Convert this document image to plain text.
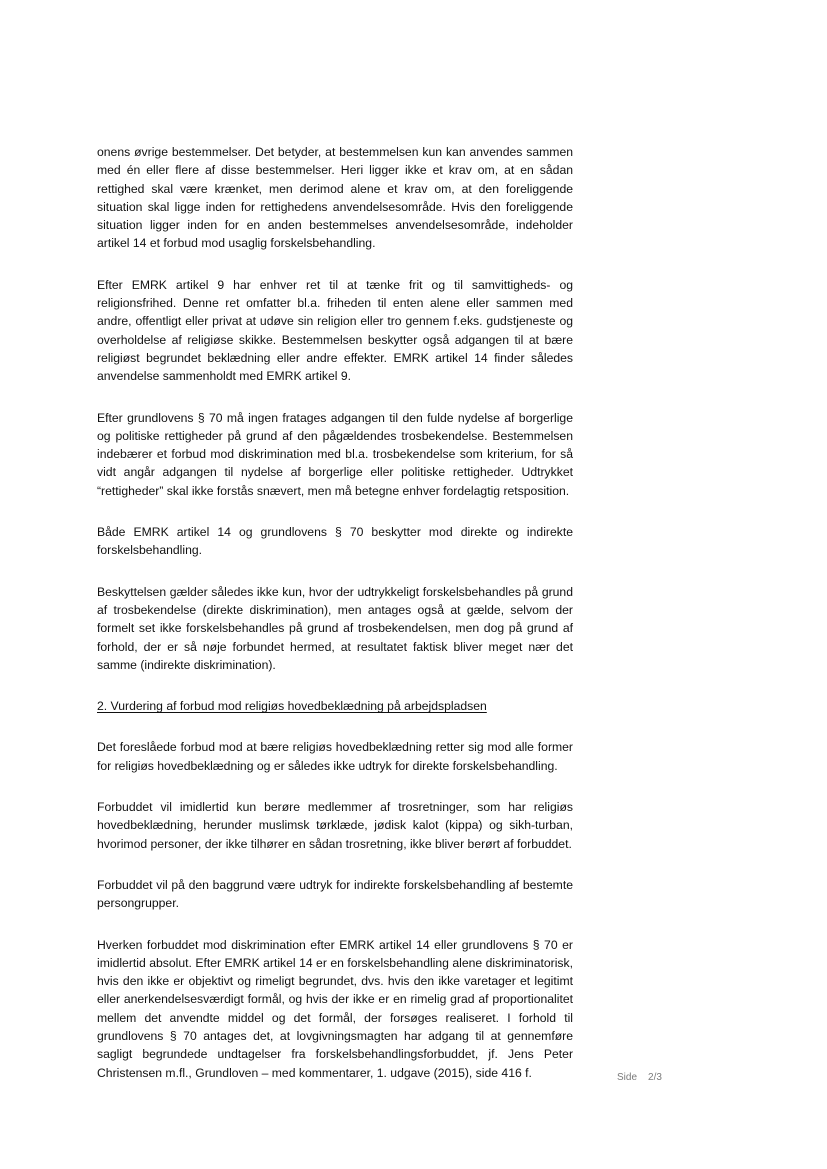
onens øvrige bestemmelser. Det betyder, at bestemmelsen kun kan anvendes sammen med én eller flere af disse bestemmelser. Heri ligger ikke et krav om, at en sådan rettighed skal være krænket, men derimod alene et krav om, at den foreliggende situation skal ligge inden for rettighedens anvendelsesområde. Hvis den foreliggende situation ligger inden for en anden bestemmelses anvendelsesområde, indeholder artikel 14 et forbud mod usaglig forskelsbehandling.

Efter EMRK artikel 9 har enhver ret til at tænke frit og til samvittigheds- og religionsfrihed. Denne ret omfatter bl.a. friheden til enten alene eller sammen med andre, offentligt eller privat at udøve sin religion eller tro gennem f.eks. gudstjeneste og overholdelse af religiøse skikke. Bestemmelsen beskytter også adgangen til at bære religiøst begrundet beklædning eller andre effekter. EMRK artikel 14 finder således anvendelse sammenholdt med EMRK artikel 9.

Efter grundlovens § 70 må ingen fratages adgangen til den fulde nydelse af borgerlige og politiske rettigheder på grund af den pågældendes trosbekendelse. Bestemmelsen indebærer et forbud mod diskrimination med bl.a. trosbekendelse som kriterium, for så vidt angår adgangen til nydelse af borgerlige eller politiske rettigheder. Udtrykket “rettigheder” skal ikke forstås snævert, men må betegne enhver fordelagtig retsposition.

Både EMRK artikel 14 og grundlovens § 70 beskytter mod direkte og indirekte forskelsbehandling.

Beskyttelsen gælder således ikke kun, hvor der udtrykkeligt forskelsbehandles på grund af trosbekendelse (direkte diskrimination), men antages også at gælde, selvom der formelt set ikke forskelsbehandles på grund af trosbekendelsen, men dog på grund af forhold, der er så nøje forbundet hermed, at resultatet faktisk bliver meget nær det samme (indirekte diskrimination).

2. Vurdering af forbud mod religiøs hovedbeklædning på arbejdspladsen

Det foreslåede forbud mod at bære religiøs hovedbeklædning retter sig mod alle former for religiøs hovedbeklædning og er således ikke udtryk for direkte forskelsbehandling.

Forbuddet vil imidlertid kun berøre medlemmer af trosretninger, som har religiøs hovedbeklædning, herunder muslimsk tørklæde, jødisk kalot (kippa) og sikh-turban, hvorimod personer, der ikke tilhører en sådan trosretning, ikke bliver berørt af forbuddet.

Forbuddet vil på den baggrund være udtryk for indirekte forskelsbehandling af bestemte persongrupper.

Hverken forbuddet mod diskrimination efter EMRK artikel 14 eller grundlovens § 70 er imidlertid absolut. Efter EMRK artikel 14 er en forskelsbehandling alene diskriminatorisk, hvis den ikke er objektivt og rimeligt begrundet, dvs. hvis den ikke varetager et legitimt eller anerkendelsesværdigt formål, og hvis der ikke er en rimelig grad af proportionalitet mellem det anvendte middel og det formål, der forsøges realiseret. I forhold til grundlovens § 70 antages det, at lovgivningsmagten har adgang til at gennemføre sagligt begrundede undtagelser fra forskelsbehandlingsforbuddet, jf. Jens Peter Christensen m.fl., Grundloven – med kommentarer, 1. udgave (2015), side 416 f.	Side 2/3
